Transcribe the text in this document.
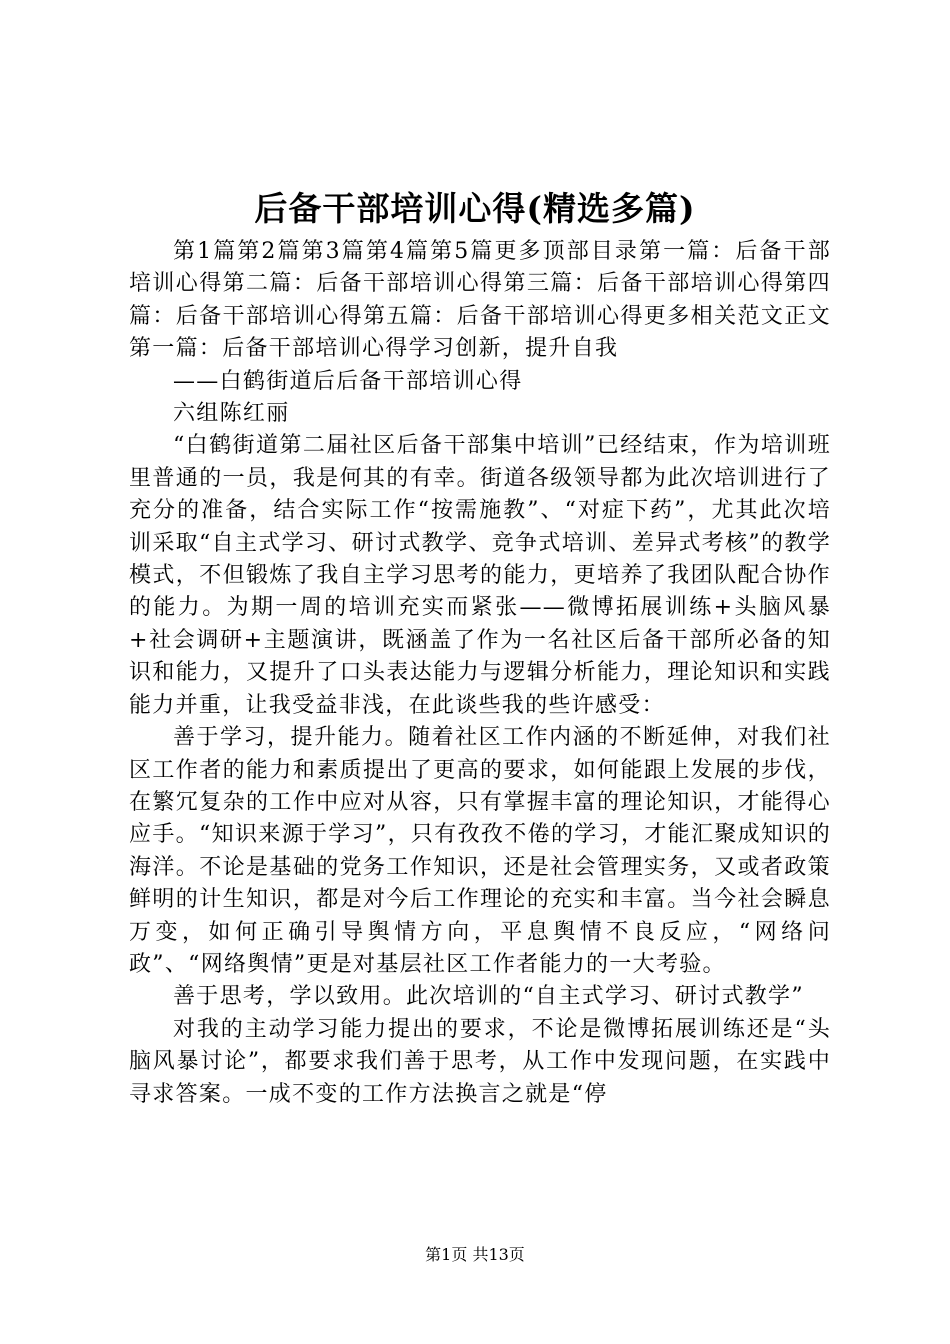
后备干部培训心得(精选多篇)

第1篇第2篇第3篇第4篇第5篇更多顶部目录第一篇：后备干部培训心得第二篇：后备干部培训心得第三篇：后备干部培训心得第四篇：后备干部培训心得第五篇：后备干部培训心得更多相关范文正文第一篇：后备干部培训心得学习创新，提升自我

——白鹤街道后后备干部培训心得

六组陈红丽

“白鹤街道第二届社区后备干部集中培训”已经结束，作为培训班里普通的一员，我是何其的有幸。街道各级领导都为此次培训进行了充分的准备，结合实际工作“按需施教”、“对症下药”，尤其此次培训采取“自主式学习、研讨式教学、竞争式培训、差异式考核”的教学模式，不但锻炼了我自主学习思考的能力，更培养了我团队配合协作的能力。为期一周的培训充实而紧张——微博拓展训练+头脑风暴+社会调研+主题演讲，既涵盖了作为一名社区后备干部所必备的知识和能力，又提升了口头表达能力与逻辑分析能力，理论知识和实践能力并重，让我受益非浅，在此谈些我的些许感受：

善于学习，提升能力。随着社区工作内涵的不断延伸，对我们社区工作者的能力和素质提出了更高的要求，如何能跟上发展的步伐，在繁冗复杂的工作中应对从容，只有掌握丰富的理论知识，才能得心应手。“知识来源于学习”，只有孜孜不倦的学习，才能汇聚成知识的海洋。不论是基础的党务工作知识，还是社会管理实务，又或者政策鲜明的计生知识，都是对今后工作理论的充实和丰富。当今社会瞬息万变，如何正确引导舆情方向，平息舆情不良反应，“网络问政”、“网络舆情”更是对基层社区工作者能力的一大考验。

善于思考，学以致用。此次培训的“自主式学习、研讨式教学”

对我的主动学习能力提出的要求，不论是微博拓展训练还是“头脑风暴讨论”，都要求我们善于思考，从工作中发现问题，在实践中寻求答案。一成不变的工作方法换言之就是“停

第1页 共13页
